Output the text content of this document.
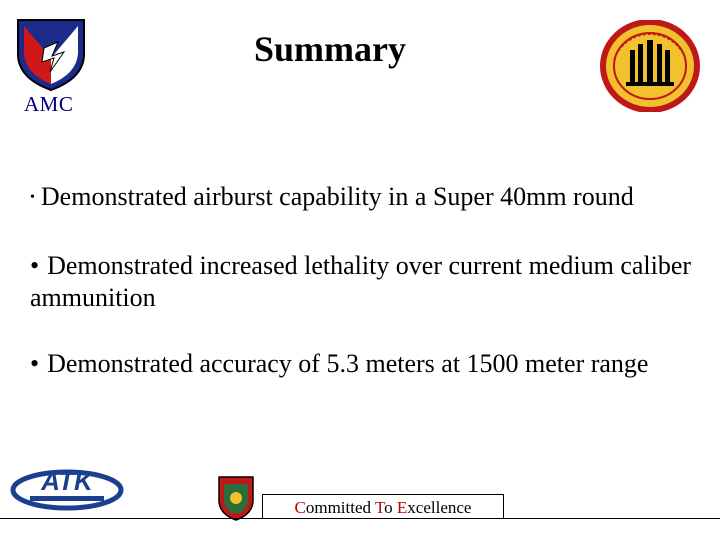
Summary
AMC
• Demonstrated airburst capability in a Super 40mm round
• Demonstrated increased lethality over current medium caliber ammunition
• Demonstrated accuracy of 5.3 meters at 1500 meter range
ATK
Committed To Excellence
